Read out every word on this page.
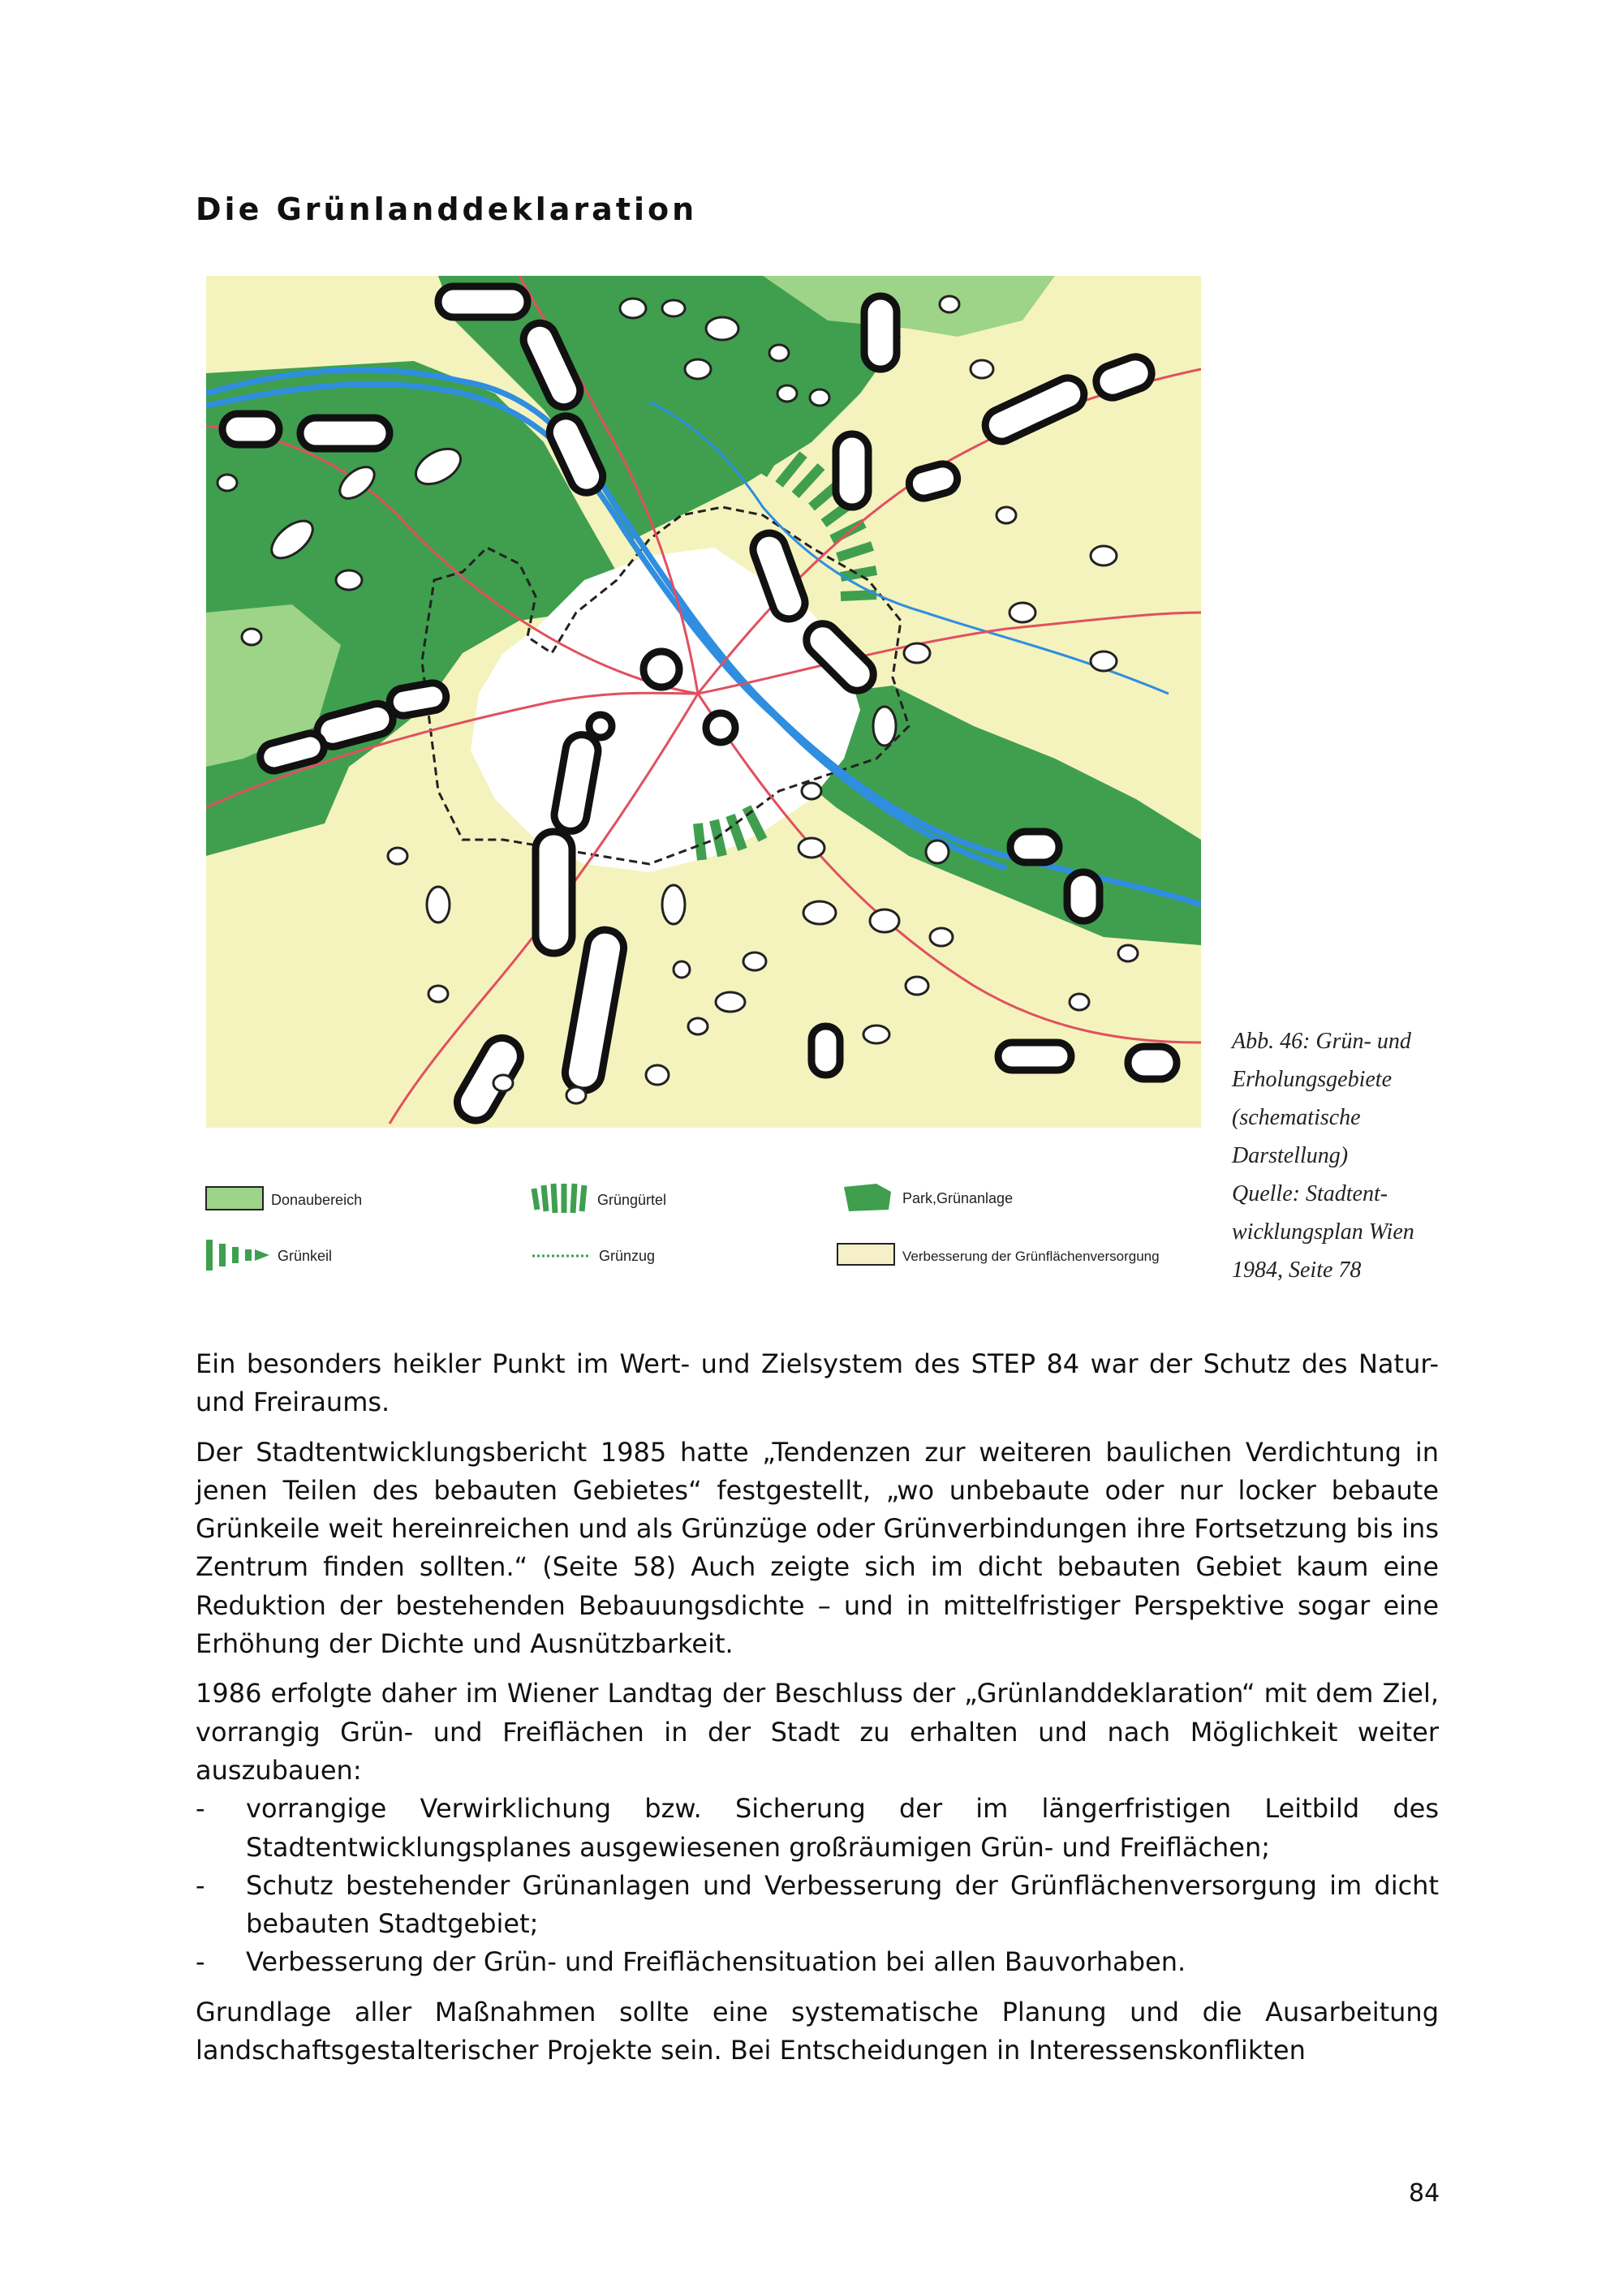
Die Grünlanddeklaration
Donaubereich	Grüngürtel	Park,Grünanlage
Grünkeil	Grünzug	Verbesserung der Grünflächenversorgung

Abb. 46: Grün- und
Erholungsgebiete
(schematische
Darstellung)
Quelle: Stadtent-
wicklungsplan Wien
1984, Seite 78

Ein besonders heikler Punkt im Wert- und Zielsystem des STEP 84 war der Schutz des Natur- und Freiraums.

Der Stadtentwicklungsbericht 1985 hatte „Tendenzen zur weiteren baulichen Verdichtung in jenen Teilen des bebauten Gebietes“ festgestellt, „wo unbebaute oder nur locker bebaute Grünkeile weit hereinreichen und als Grünzüge oder Grünverbindungen ihre Fortsetzung bis ins Zentrum finden sollten.“ (Seite 58) Auch zeigte sich im dicht bebauten Gebiet kaum eine Reduktion der bestehenden Bebauungsdichte – und in mittelfristiger Perspektive sogar eine Erhöhung der Dichte und Ausnützbarkeit.

1986 erfolgte daher im Wiener Landtag der Beschluss der „Grünlanddeklaration“ mit dem Ziel, vorrangig Grün- und Freiflächen in der Stadt zu erhalten und nach Möglichkeit weiter auszubauen:

- vorrangige Verwirklichung bzw. Sicherung der im längerfristigen Leitbild des Stadtentwicklungsplanes ausgewiesenen großräumigen Grün- und Freiflächen;
- Schutz bestehender Grünanlagen und Verbesserung der Grünflächenversorgung im dicht bebauten Stadtgebiet;
- Verbesserung der Grün- und Freiflächensituation bei allen Bauvorhaben.

Grundlage aller Maßnahmen sollte eine systematische Planung und die Ausarbeitung landschaftsgestalterischer Projekte sein. Bei Entscheidungen in Interessenskonflikten

84
